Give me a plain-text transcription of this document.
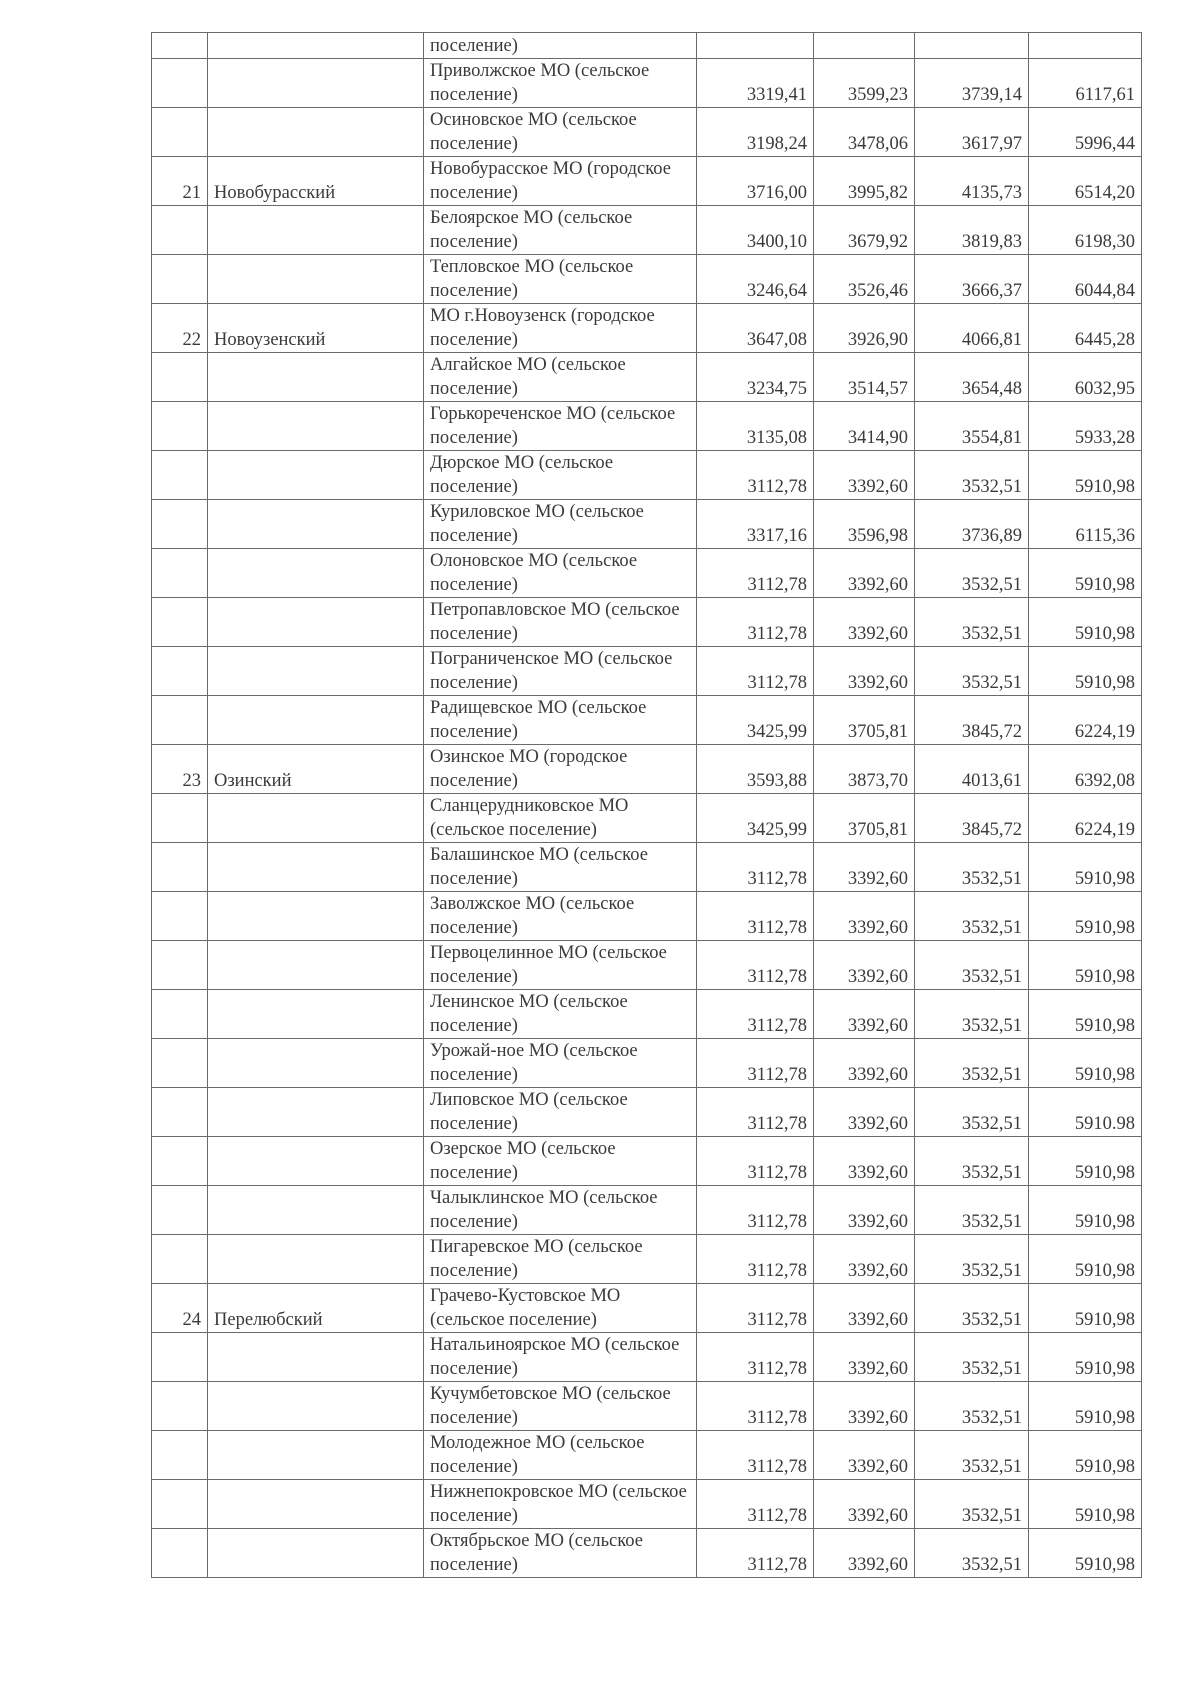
		поселение)				
		Приволжское МО (сельское поселение)	3319,41	3599,23	3739,14	6117,61
		Осиновское МО (сельское поселение)	3198,24	3478,06	3617,97	5996,44
21	Новобурасский	Новобурасское МО (городское поселение)	3716,00	3995,82	4135,73	6514,20
		Белоярское МО (сельское поселение)	3400,10	3679,92	3819,83	6198,30
		Тепловское МО (сельское поселение)	3246,64	3526,46	3666,37	6044,84
22	Новоузенский	МО г.Новоузенск (городское поселение)	3647,08	3926,90	4066,81	6445,28
		Алгайское МО (сельское поселение)	3234,75	3514,57	3654,48	6032,95
		Горькореченское МО (сельское поселение)	3135,08	3414,90	3554,81	5933,28
		Дюрское МО (сельское поселение)	3112,78	3392,60	3532,51	5910,98
		Куриловское МО (сельское поселение)	3317,16	3596,98	3736,89	6115,36
		Олоновское МО (сельское поселение)	3112,78	3392,60	3532,51	5910,98
		Петропавловское МО (сельское поселение)	3112,78	3392,60	3532,51	5910,98
		Пограниченское МО (сельское поселение)	3112,78	3392,60	3532,51	5910,98
		Радищевское МО (сельское поселение)	3425,99	3705,81	3845,72	6224,19
23	Озинский	Озинское МО (городское поселение)	3593,88	3873,70	4013,61	6392,08
		Сланцерудниковское МО (сельское поселение)	3425,99	3705,81	3845,72	6224,19
		Балашинское МО (сельское поселение)	3112,78	3392,60	3532,51	5910,98
		Заволжское МО (сельское поселение)	3112,78	3392,60	3532,51	5910,98
		Первоцелинное МО (сельское поселение)	3112,78	3392,60	3532,51	5910,98
		Ленинское МО (сельское поселение)	3112,78	3392,60	3532,51	5910,98
		Урожай-ное МО (сельское поселение)	3112,78	3392,60	3532,51	5910,98
		Липовское МО (сельское поселение)	3112,78	3392,60	3532,51	5910.98
		Озерское МО (сельское поселение)	3112,78	3392,60	3532,51	5910,98
		Чалыклинское МО (сельское поселение)	3112,78	3392,60	3532,51	5910,98
		Пигаревское МО (сельское поселение)	3112,78	3392,60	3532,51	5910,98
24	Перелюбский	Грачево-Кустовское МО (сельское поселение)	3112,78	3392,60	3532,51	5910,98
		Натальиноярское МО (сельское поселение)	3112,78	3392,60	3532,51	5910,98
		Кучумбетовское МО (сельское поселение)	3112,78	3392,60	3532,51	5910,98
		Молодежное МО (сельское поселение)	3112,78	3392,60	3532,51	5910,98
		Нижнепокровское МО (сельское поселение)	3112,78	3392,60	3532,51	5910,98
		Октябрьское МО (сельское поселение)	3112,78	3392,60	3532,51	5910,98
